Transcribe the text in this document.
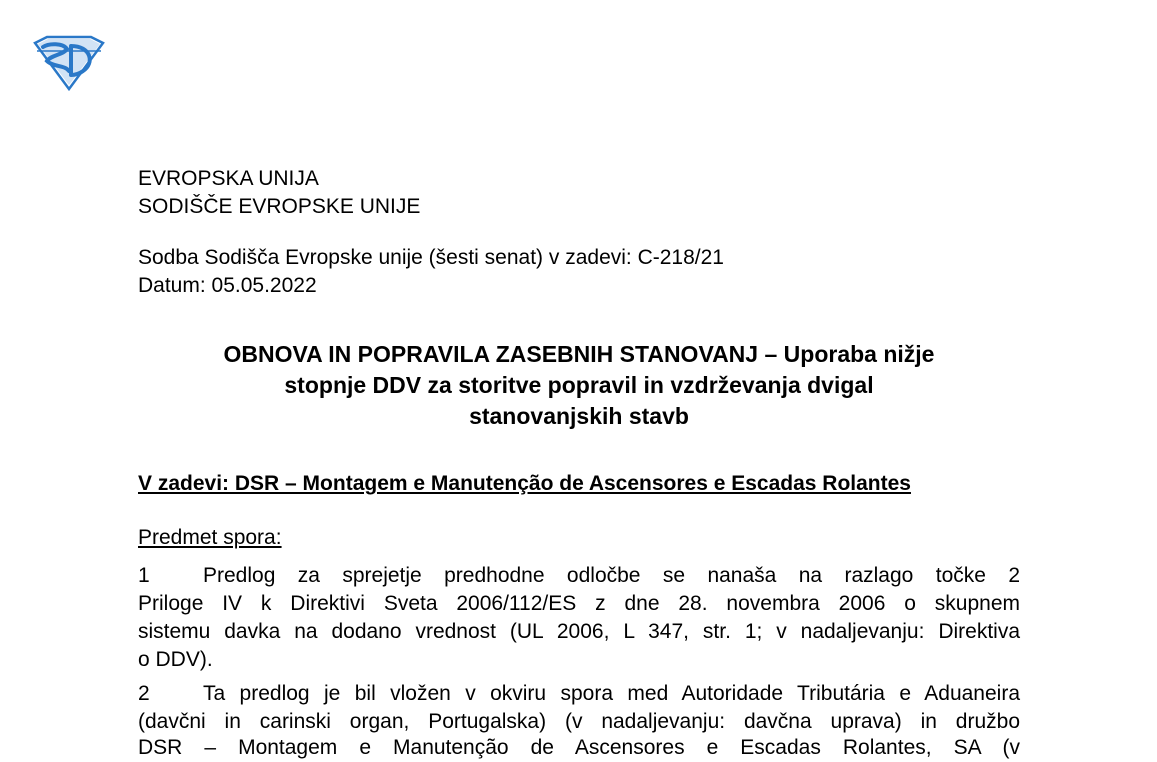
EVROPSKA UNIJA
SODIŠČE EVROPSKE UNIJE
Sodba Sodišča Evropske unije (šesti senat) v zadevi: C-218/21
Datum: 05.05.2022
OBNOVA IN POPRAVILA ZASEBNIH STANOVANJ – Uporaba nižje
stopnje DDV za storitve popravil in vzdrževanja dvigal
stanovanjskih stavb
V zadevi: DSR – Montagem e Manutenção de Ascensores e Escadas Rolantes
Predmet spora:
1	Predlog za sprejetje predhodne odločbe se nanaša na razlago točke 2
Priloge IV k Direktivi Sveta 2006/112/ES z dne 28. novembra 2006 o skupnem
sistemu davka na dodano vrednost (UL 2006, L 347, str. 1; v nadaljevanju: Direktiva
o DDV).
2	Ta predlog je bil vložen v okviru spora med Autoridade Tributária e Aduaneira
(davčni in carinski organ, Portugalska) (v nadaljevanju: davčna uprava) in družbo
DSR – Montagem e Manutenção de Ascensores e Escadas Rolantes, SA (v
